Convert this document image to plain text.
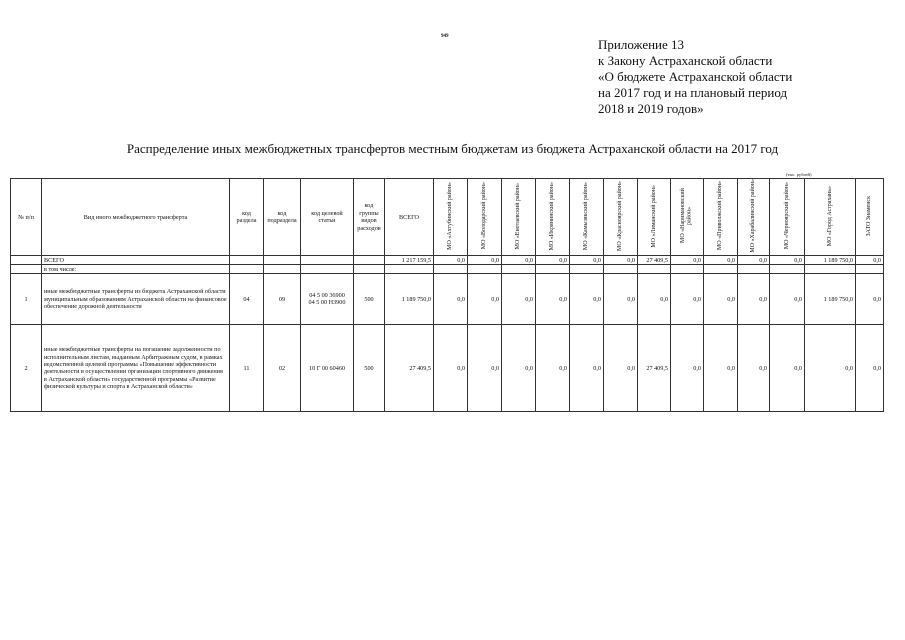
949
Приложение 13
к Закону Астраханской области
«О бюджете Астраханской области
на 2017 год и на плановый период
2018 и 2019 годов»
Распределение иных межбюджетных трансфертов местным бюджетам из бюджета Астраханской области на 2017 год
(тыс. рублей)
№ п/п	Вид иного межбюджетного трансферта	код раздела	код подраздела	код целевой статьи	код группы видов расходов	ВСЕГО	МО «Ахтубинский район»	МО «Володарский район»	МО «Енотаевский район»	МО «Икрянинский район»	МО «Камызякский район»	МО «Красноярский район»	МО «Лиманский район»	МО «Наримановский район»	МО «Приволжский район»	МО «Харабалинский район»	МО «Черноярский район»	МО «Город Астрахань»	ЗАТО Знаменск
	ВСЕГО					1 217 159,5	0,0	0,0	0,0	0,0	0,0	0,0	27 409,5	0,0	0,0	0,0	0,0	1 189 750,0	0,0
	в том числе:																		
1	иные межбюджетные трансферты из бюджета Астраханской области муниципальным образованиям Астраханской области на финансовое обеспечение дорожной деятельности	04	09	04 5 00 36900
04 5 00 Н3900	500	1 189 750,0	0,0	0,0	0,0	0,0	0,0	0,0	0,0	0,0	0,0	0,0	0,0	1 189 750,0	0,0
2	иные межбюджетные трансферты на погашение задолженности по исполнительным листам, выданным Арбитражным судом, в рамках ведомственной целевой программы «Повышение эффективности деятельности в осуществлении организации спортивного движения в Астраханской области» государственной программы «Развитие физической культуры и спорта в Астраханской области»	11	02	10 Г 00 60460	500	27 409,5	0,0	0,0	0,0	0,0	0,0	0,0	27 409,5	0,0	0,0	0,0	0,0	0,0	0,0
